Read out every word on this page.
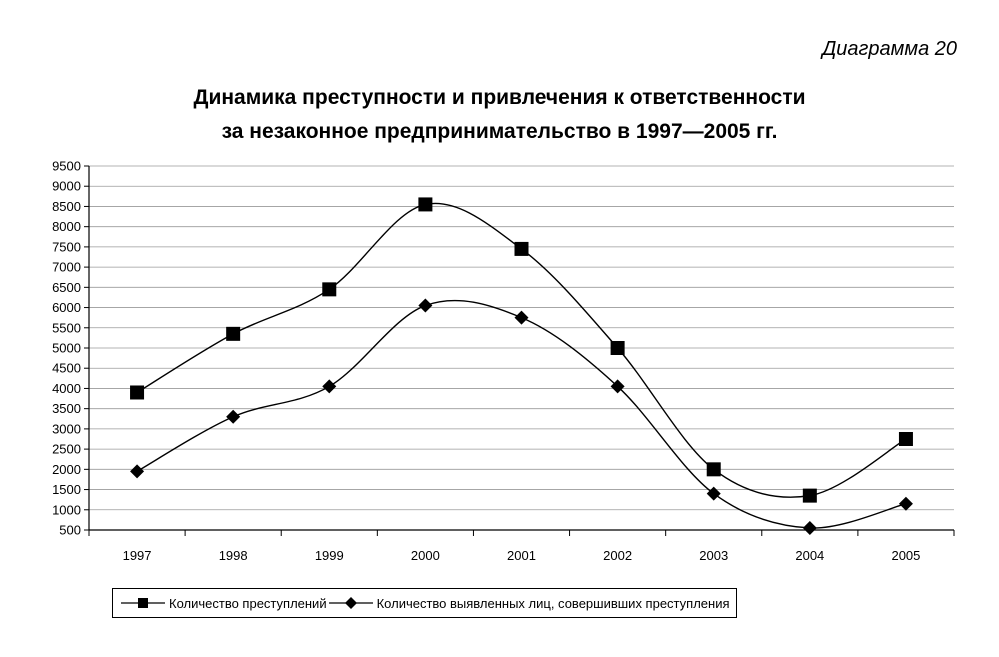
Диаграмма 20
Динамика преступности и привлечения к ответственности
за незаконное предпринимательство в 1997—2005 гг.
500
1000
1500
2000
2500
3000
3500
4000
4500
5000
5500
6000
6500
7000
7500
8000
8500
9000
9500
1997	1998	1999	2000	2001	2002	2003	2004	2005
Количество преступлений	Количество выявленных лиц, совершивших преступления
